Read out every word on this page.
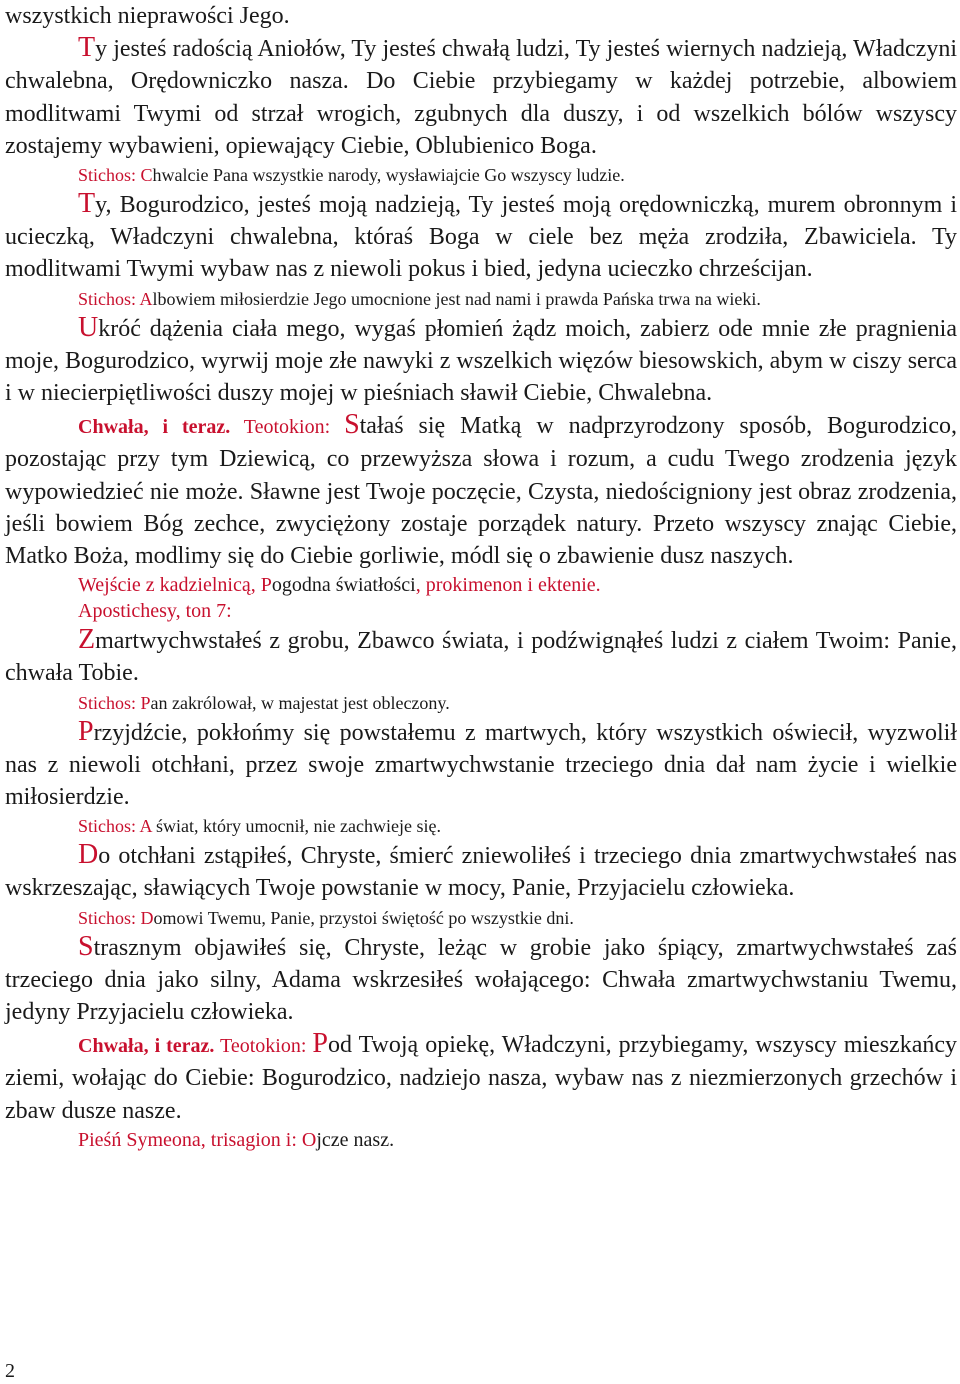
wszystkich nieprawości Jego.

Ty jesteś radością Aniołów, Ty jesteś chwałą ludzi, Ty jesteś wiernych nadzieją, Władczyni chwalebna, Orędowniczko nasza. Do Ciebie przybiegamy w każdej potrzebie, albowiem modlitwami Twymi od strzał wrogich, zgubnych dla duszy, i od wszelkich bólów wszyscy zostajemy wybawieni, opiewający Ciebie, Oblubienico Boga.

Stichos: Chwalcie Pana wszystkie narody, wysławiajcie Go wszyscy ludzie.

Ty, Bogurodzico, jesteś moją nadzieją, Ty jesteś moją orędowniczką, murem obronnym i ucieczką, Władczyni chwalebna, któraś Boga w ciele bez męża zrodziła, Zbawiciela. Ty modlitwami Twymi wybaw nas z niewoli pokus i bied, jedyna ucieczko chrześcijan.

Stichos: Albowiem miłosierdzie Jego umocnione jest nad nami i prawda Pańska trwa na wieki.

Ukróć dążenia ciała mego, wygaś płomień żądz moich, zabierz ode mnie złe pragnienia moje, Bogurodzico, wyrwij moje złe nawyki z wszelkich więzów biesowskich, abym w ciszy serca i w niecierpiętliwości duszy mojej w pieśniach sławił Ciebie, Chwalebna.

Chwała, i teraz. Teotokion: Stałaś się Matką w nadprzyrodzony sposób, Bogurodzico, pozostając przy tym Dziewicą, co przewyższa słowa i rozum, a cudu Twego zrodzenia język wypowiedzieć nie może. Sławne jest Twoje poczęcie, Czysta, niedościgniony jest obraz zrodzenia, jeśli bowiem Bóg zechce, zwyciężony zostaje porządek natury. Przeto wszyscy znając Ciebie, Matko Boża, modlimy się do Ciebie gorliwie, módl się o zbawienie dusz naszych.

Wejście z kadzielnicą, Pogodna światłości, prokimenon i ektenie.

Apostichesy, ton 7:

Zmartwychwstałeś z grobu, Zbawco świata, i podźwignąłeś ludzi z ciałem Twoim: Panie, chwała Tobie.

Stichos: Pan zakrólował, w majestat jest obleczony.

Przyjdźcie, pokłońmy się powstałemu z martwych, który wszystkich oświecił, wyzwolił nas z niewoli otchłani, przez swoje zmartwychwstanie trzeciego dnia dał nam życie i wielkie miłosierdzie.

Stichos: A świat, który umocnił, nie zachwieje się.

Do otchłani zstąpiłeś, Chryste, śmierć zniewoliłeś i trzeciego dnia zmartwychwstałeś nas wskrzeszając, sławiących Twoje powstanie w mocy, Panie, Przyjacielu człowieka.

Stichos: Domowi Twemu, Panie, przystoi świętość po wszystkie dni.

Strasznym objawiłeś się, Chryste, leżąc w grobie jako śpiący, zmartwychwstałeś zaś trzeciego dnia jako silny, Adama wskrzesiłeś wołającego: Chwała zmartwychwstaniu Twemu, jedyny Przyjacielu człowieka.

Chwała, i teraz. Teotokion: Pod Twoją opiekę, Władczyni, przybiegamy, wszyscy mieszkańcy ziemi, wołając do Ciebie: Bogurodzico, nadziejo nasza, wybaw nas z niezmierzonych grzechów i zbaw dusze nasze.

Pieśń Symeona, trisagion i: Ojcze nasz.

2
